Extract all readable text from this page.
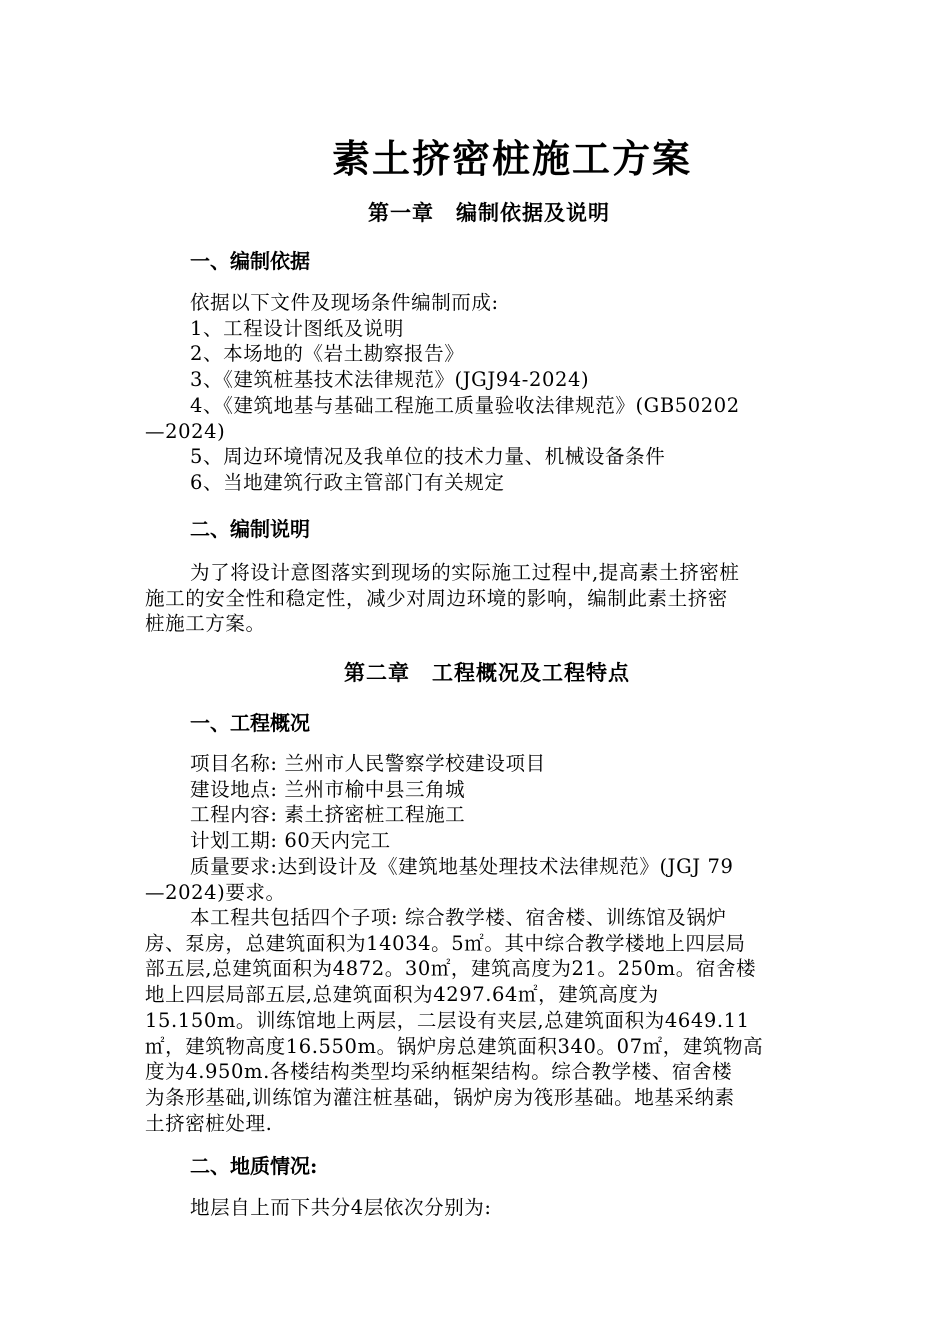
素土挤密桩施工方案
第一章　编制依据及说明
一、编制依据
依据以下文件及现场条件编制而成:
1、工程设计图纸及说明
2、本场地的《岩土勘察报告》
3、《建筑桩基技术法律规范》(JGJ94-2024)
4、《建筑地基与基础工程施工质量验收法律规范》(GB50202
—2024)
5、周边环境情况及我单位的技术力量、机械设备条件
6、当地建筑行政主管部门有关规定
二、编制说明
为了将设计意图落实到现场的实际施工过程中,提高素土挤密桩
施工的安全性和稳定性，减少对周边环境的影响，编制此素土挤密
桩施工方案。
第二章　工程概况及工程特点
一、工程概况
项目名称: 兰州市人民警察学校建设项目
建设地点: 兰州市榆中县三角城
工程内容: 素土挤密桩工程施工
计划工期: 60天内完工
质量要求:达到设计及《建筑地基处理技术法律规范》(JGJ 79
—2024)要求。
本工程共包括四个子项: 综合教学楼、宿舍楼、训练馆及锅炉
房、泵房，总建筑面积为14034。5㎡。其中综合教学楼地上四层局
部五层,总建筑面积为4872。30㎡，建筑高度为21。250m。宿舍楼
地上四层局部五层,总建筑面积为4297.64㎡，建筑高度为
15.150m。训练馆地上两层，二层设有夹层,总建筑面积为4649.11
㎡，建筑物高度16.550m。锅炉房总建筑面积340。07㎡，建筑物高
度为4.950m.各楼结构类型均采纳框架结构。综合教学楼、宿舍楼
为条形基础,训练馆为灌注桩基础，锅炉房为筏形基础。地基采纳素
土挤密桩处理.
二、地质情况:
地层自上而下共分4层依次分别为:
